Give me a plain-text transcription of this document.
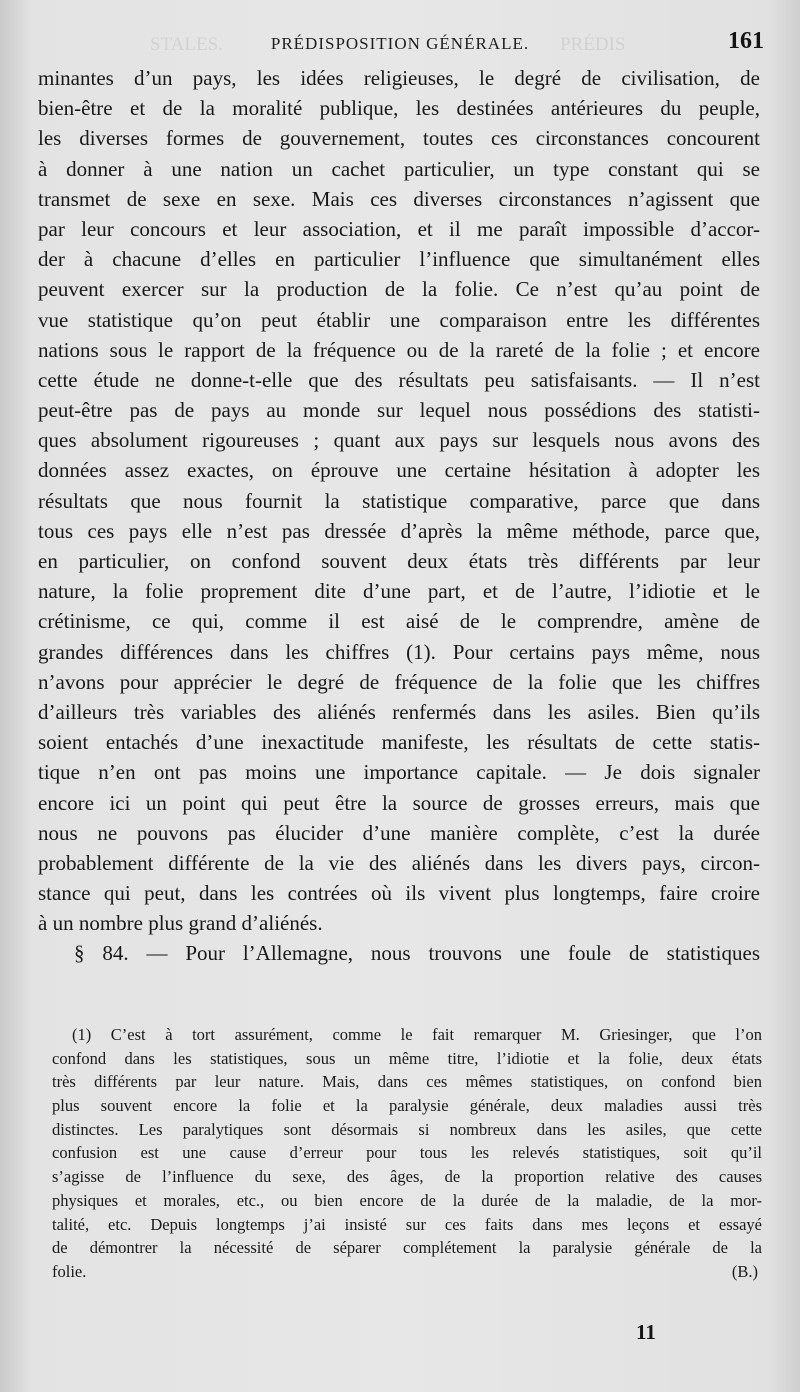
STALES.	PRÉDIS
PRÉDISPOSITION GÉNÉRALE.	161
minantes d’un pays, les idées religieuses, le degré de civilisation, de
bien-être et de la moralité publique, les destinées antérieures du peuple,
les diverses formes de gouvernement, toutes ces circonstances concourent
à donner à une nation un cachet particulier, un type constant qui se
transmet de sexe en sexe. Mais ces diverses circonstances n’agissent que
par leur concours et leur association, et il me paraît impossible d’accor-
der à chacune d’elles en particulier l’influence que simultanément elles
peuvent exercer sur la production de la folie. Ce n’est qu’au point de
vue statistique qu’on peut établir une comparaison entre les différentes
nations sous le rapport de la fréquence ou de la rareté de la folie ; et encore
cette étude ne donne-t-elle que des résultats peu satisfaisants. — Il n’est
peut-être pas de pays au monde sur lequel nous possédions des statisti-
ques absolument rigoureuses ; quant aux pays sur lesquels nous avons des
données assez exactes, on éprouve une certaine hésitation à adopter les
résultats que nous fournit la statistique comparative, parce que dans
tous ces pays elle n’est pas dressée d’après la même méthode, parce que,
en particulier, on confond souvent deux états très différents par leur
nature, la folie proprement dite d’une part, et de l’autre, l’idiotie et le
crétinisme, ce qui, comme il est aisé de le comprendre, amène de
grandes différences dans les chiffres (1). Pour certains pays même, nous
n’avons pour apprécier le degré de fréquence de la folie que les chiffres
d’ailleurs très variables des aliénés renfermés dans les asiles. Bien qu’ils
soient entachés d’une inexactitude manifeste, les résultats de cette statis-
tique n’en ont pas moins une importance capitale. — Je dois signaler
encore ici un point qui peut être la source de grosses erreurs, mais que
nous ne pouvons pas élucider d’une manière complète, c’est la durée
probablement différente de la vie des aliénés dans les divers pays, circon-
stance qui peut, dans les contrées où ils vivent plus longtemps, faire croire
à un nombre plus grand d’aliénés.
§ 84. — Pour l’Allemagne, nous trouvons une foule de statistiques
(1) C’est à tort assurément, comme le fait remarquer M. Griesinger, que l’on
confond dans les statistiques, sous un même titre, l’idiotie et la folie, deux états
très différents par leur nature. Mais, dans ces mêmes statistiques, on confond bien
plus souvent encore la folie et la paralysie générale, deux maladies aussi très
distinctes. Les paralytiques sont désormais si nombreux dans les asiles, que cette
confusion est une cause d’erreur pour tous les relevés statistiques, soit qu’il
s’agisse de l’influence du sexe, des âges, de la proportion relative des causes
physiques et morales, etc., ou bien encore de la durée de la maladie, de la mor-
talité, etc. Depuis longtemps j’ai insisté sur ces faits dans mes leçons et essayé
de démontrer la nécessité de séparer complétement la paralysie générale de la
folie.	(B.)
11
